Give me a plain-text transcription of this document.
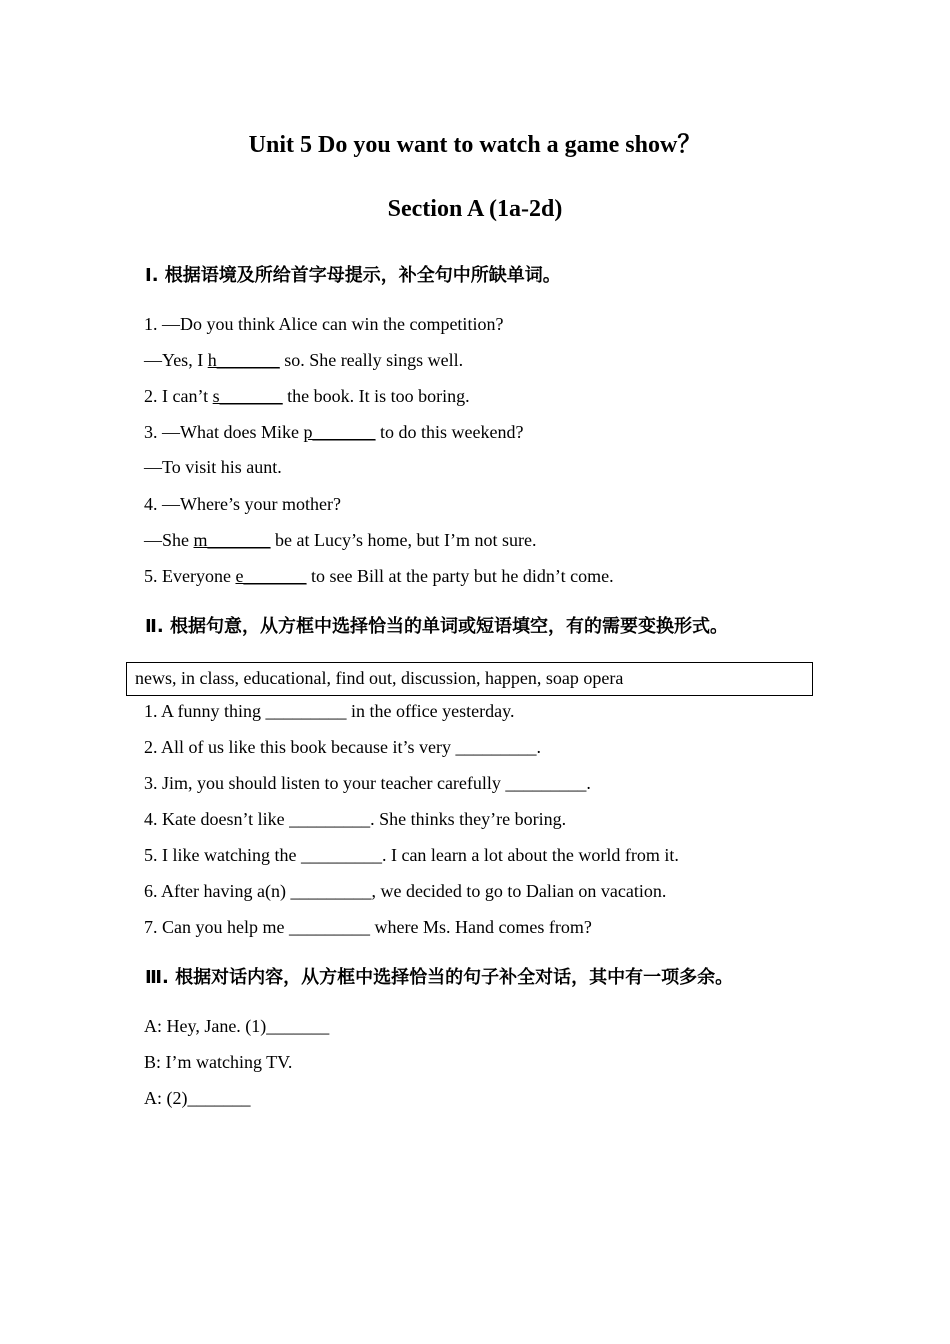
Unit 5 Do you want to watch a game show？
Section A (1a-2d)
Ⅰ. 根据语境及所给首字母提示，补全句中所缺单词。
1. —Do you think Alice can win the competition?
—Yes, I h_______ so. She really sings well.
2. I can’t s_______ the book. It is too boring.
3. —What does Mike p_______ to do this weekend?
—To visit his aunt.
4. —Where’s your mother?
—She m_______ be at Lucy’s home, but I’m not sure.
5. Everyone e_______ to see Bill at the party but he didn’t come.
Ⅱ. 根据句意，从方框中选择恰当的单词或短语填空，有的需要变换形式。
news, in class, educational, find out, discussion, happen, soap opera
1. A funny thing _________ in the office yesterday.
2. All of us like this book because it’s very _________.
3. Jim, you should listen to your teacher carefully _________.
4. Kate doesn’t like _________. She thinks they’re boring.
5. I like watching the _________. I can learn a lot about the world from it.
6. After having a(n) _________, we decided to go to Dalian on vacation.
7. Can you help me _________ where Ms. Hand comes from?
Ⅲ. 根据对话内容，从方框中选择恰当的句子补全对话，其中有一项多余。
A: Hey, Jane. (1)_______
B: I’m watching TV.
A: (2)_______
